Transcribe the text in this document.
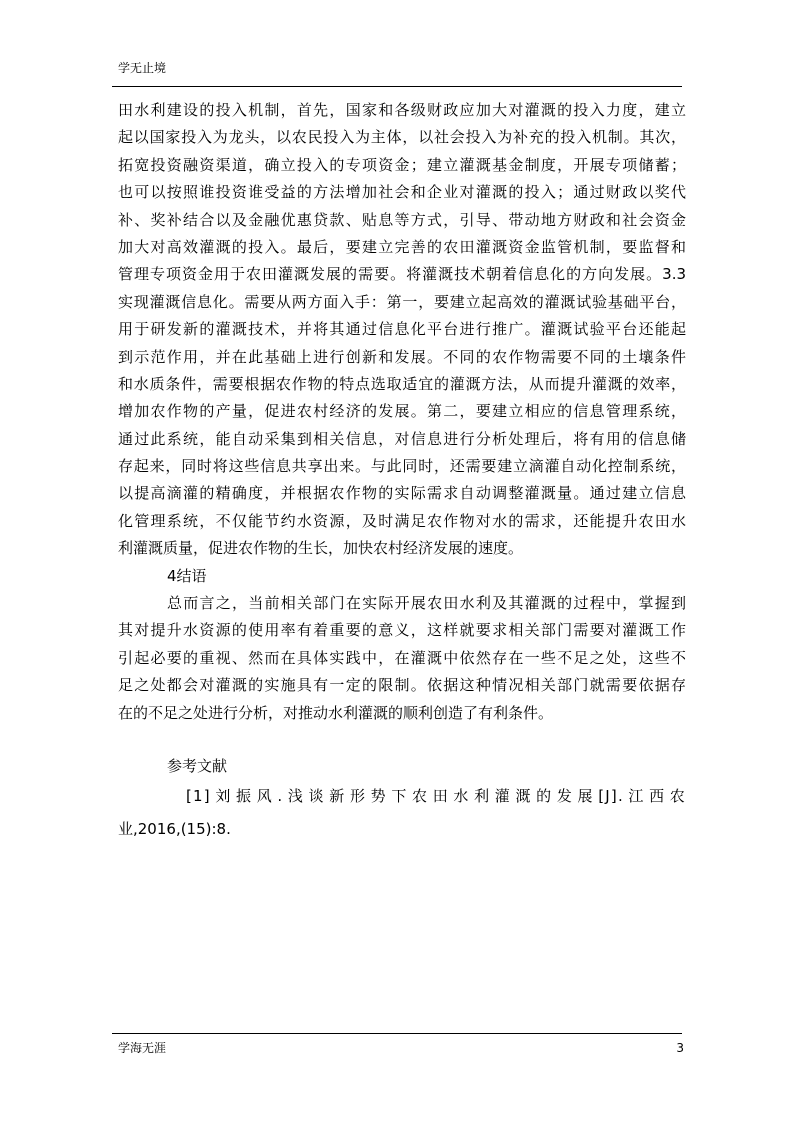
学无止境
田水利建设的投入机制，首先，国家和各级财政应加大对灌溉的投入力度，建立
起以国家投入为龙头，以农民投入为主体，以社会投入为补充的投入机制。其次，
拓宽投资融资渠道，确立投入的专项资金；建立灌溉基金制度，开展专项储蓄；
也可以按照谁投资谁受益的方法增加社会和企业对灌溉的投入；通过财政以奖代
补、奖补结合以及金融优惠贷款、贴息等方式，引导、带动地方财政和社会资金
加大对高效灌溉的投入。最后，要建立完善的农田灌溉资金监管机制，要监督和
管理专项资金用于农田灌溉发展的需要。将灌溉技术朝着信息化的方向发展。3.3
实现灌溉信息化。需要从两方面入手：第一，要建立起高效的灌溉试验基础平台，
用于研发新的灌溉技术，并将其通过信息化平台进行推广。灌溉试验平台还能起
到示范作用，并在此基础上进行创新和发展。不同的农作物需要不同的土壤条件
和水质条件，需要根据农作物的特点选取适宜的灌溉方法，从而提升灌溉的效率，
增加农作物的产量，促进农村经济的发展。第二，要建立相应的信息管理系统，
通过此系统，能自动采集到相关信息，对信息进行分析处理后，将有用的信息储
存起来，同时将这些信息共享出来。与此同时，还需要建立滴灌自动化控制系统，
以提高滴灌的精确度，并根据农作物的实际需求自动调整灌溉量。通过建立信息
化管理系统，不仅能节约水资源，及时满足农作物对水的需求，还能提升农田水
利灌溉质量，促进农作物的生长，加快农村经济发展的速度。
4结语
总而言之，当前相关部门在实际开展农田水利及其灌溉的过程中，掌握到
其对提升水资源的使用率有着重要的意义，这样就要求相关部门需要对灌溉工作
引起必要的重视、然而在具体实践中，在灌溉中依然存在一些不足之处，这些不
足之处都会对灌溉的实施具有一定的限制。依据这种情况相关部门就需要依据存
在的不足之处进行分析，对推动水利灌溉的顺利创造了有利条件。
参考文献
[1]刘振风.浅谈新形势下农田水利灌溉的发展[J].江西农
业,2016,(15):8.
学海无涯	3
